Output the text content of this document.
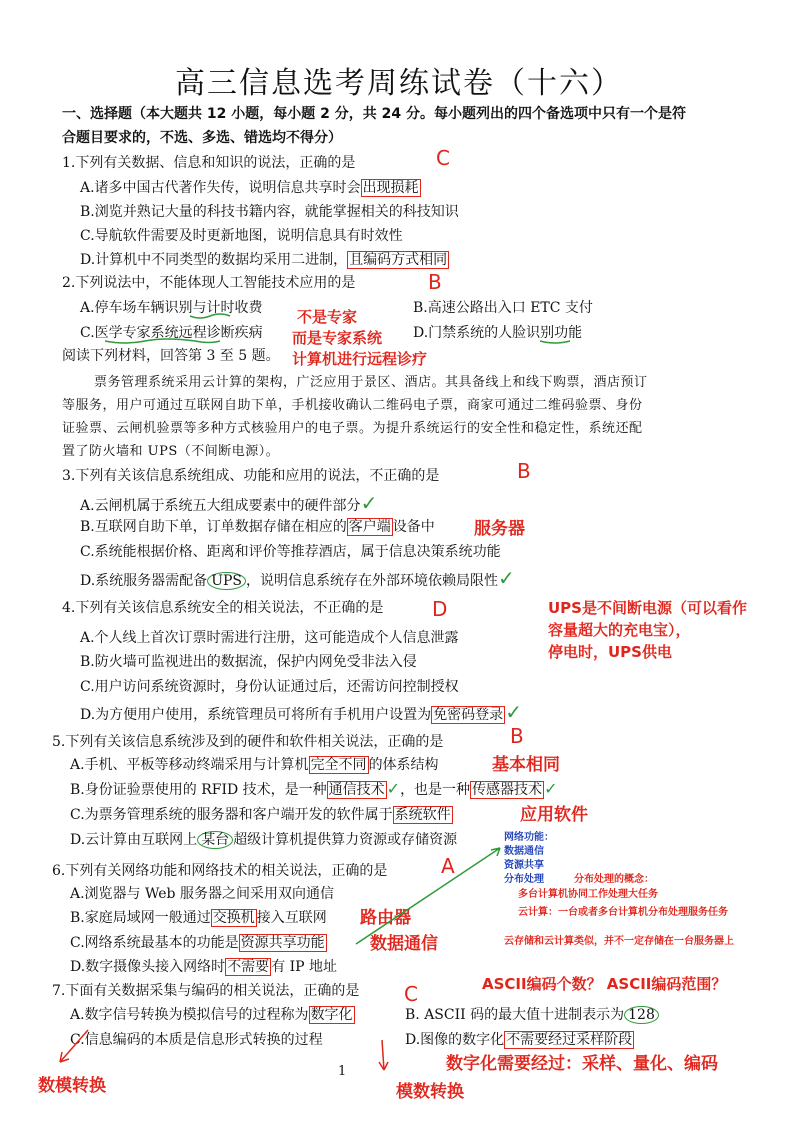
高三信息选考周练试卷（十六）
一、选择题（本大题共 12 小题，每小题 2 分，共 24 分。每小题列出的四个备选项中只有一个是符
合题目要求的，不选、多选、错选均不得分）
1.下列有关数据、信息和知识的说法，正确的是	C
A.诸多中国古代著作失传，说明信息共享时会 出现损耗
B.浏览并熟记大量的科技书籍内容，就能掌握相关的科技知识
C.导航软件需要及时更新地图，说明信息具有时效性
D.计算机中不同类型的数据均采用二进制， 且编码方式相同
2.下列说法中，不能体现人工智能技术应用的是	B
A.停车场车辆识别与计时收费	B.高速公路出入口 ETC 支付
C.医学专家系统远程诊断疾病	D.门禁系统的人脸识别功能
不是专家
而是专家系统
计算机进行远程诊疗
阅读下列材料，回答第 3 至 5 题。
票务管理系统采用云计算的架构，广泛应用于景区、酒店。其具备线上和线下购票，酒店预订
等服务，用户可通过互联网自助下单，手机接收确认二维码电子票，商家可通过二维码验票、身份
证验票、云闸机验票等多种方式核验用户的电子票。为提升系统运行的安全性和稳定性，系统还配
置了防火墙和 UPS（不间断电源）。
3.下列有关该信息系统组成、功能和应用的说法，不正确的是	B
A.云闸机属于系统五大组成要素中的硬件部分✓
B.互联网自助下单，订单数据存储在相应的 客户端 设备中 服务器
C.系统能根据价格、距离和评价等推荐酒店，属于信息决策系统功能
D.系统服务器需配备 UPS ，说明信息系统存在外部环境依赖局限性✓
4.下列有关该信息系统安全的相关说法，不正确的是 D	UPS是不间断电源（可以看作
容量超大的充电宝），
停电时，UPS供电
A.个人线上首次订票时需进行注册，这可能造成个人信息泄露
B.防火墙可监视进出的数据流，保护内网免受非法入侵
C.用户访问系统资源时，身份认证通过后，还需访问控制授权
D.为方便用户使用，系统管理员可将所有手机用户设置为 免密码登录 ✓
5.下列有关该信息系统涉及到的硬件和软件相关说法，正确的是	B
A.手机、平板等移动终端采用与计算机 完全不同 的体系结构	基本相同
B.身份证验票使用的 RFID 技术，是一种 通信技术 ✓，也是一种 传感器技术 ✓
C.为票务管理系统的服务器和客户端开发的软件属于 系统软件	应用软件
D.云计算由互联网上 某台 超级计算机提供算力资源或存储资源
6.下列有关网络功能和网络技术的相关说法，正确的是	A
A.浏览器与 Web 服务器之间采用双向通信
B.家庭局域网一般通过 交换机 接入互联网 路由器
C.网络系统最基本的功能是 资源共享功能	数据通信
D.数字摄像头接入网络时 不需要 有 IP 地址
网络功能：
数据通信
资源共享
分布处理	分布处理的概念：
多台计算机协同工作处理大任务
云计算：一台或者多台计算机分布处理服务任务
云存储和云计算类似，并不一定存储在一台服务器上
ASCII编码个数？ ASCII编码范围？
7.下面有关数据采集与编码的相关说法，正确的是 C
A.数字信号转换为模拟信号的过程称为 数字化	B. ASCII 码的最大值十进制表示为 128
C.信息编码的本质是信息形式转换的过程	D.图像的数字化 不需要经过采样阶段
数字化需要经过：采样、量化、编码
数模转换	模数转换
1
